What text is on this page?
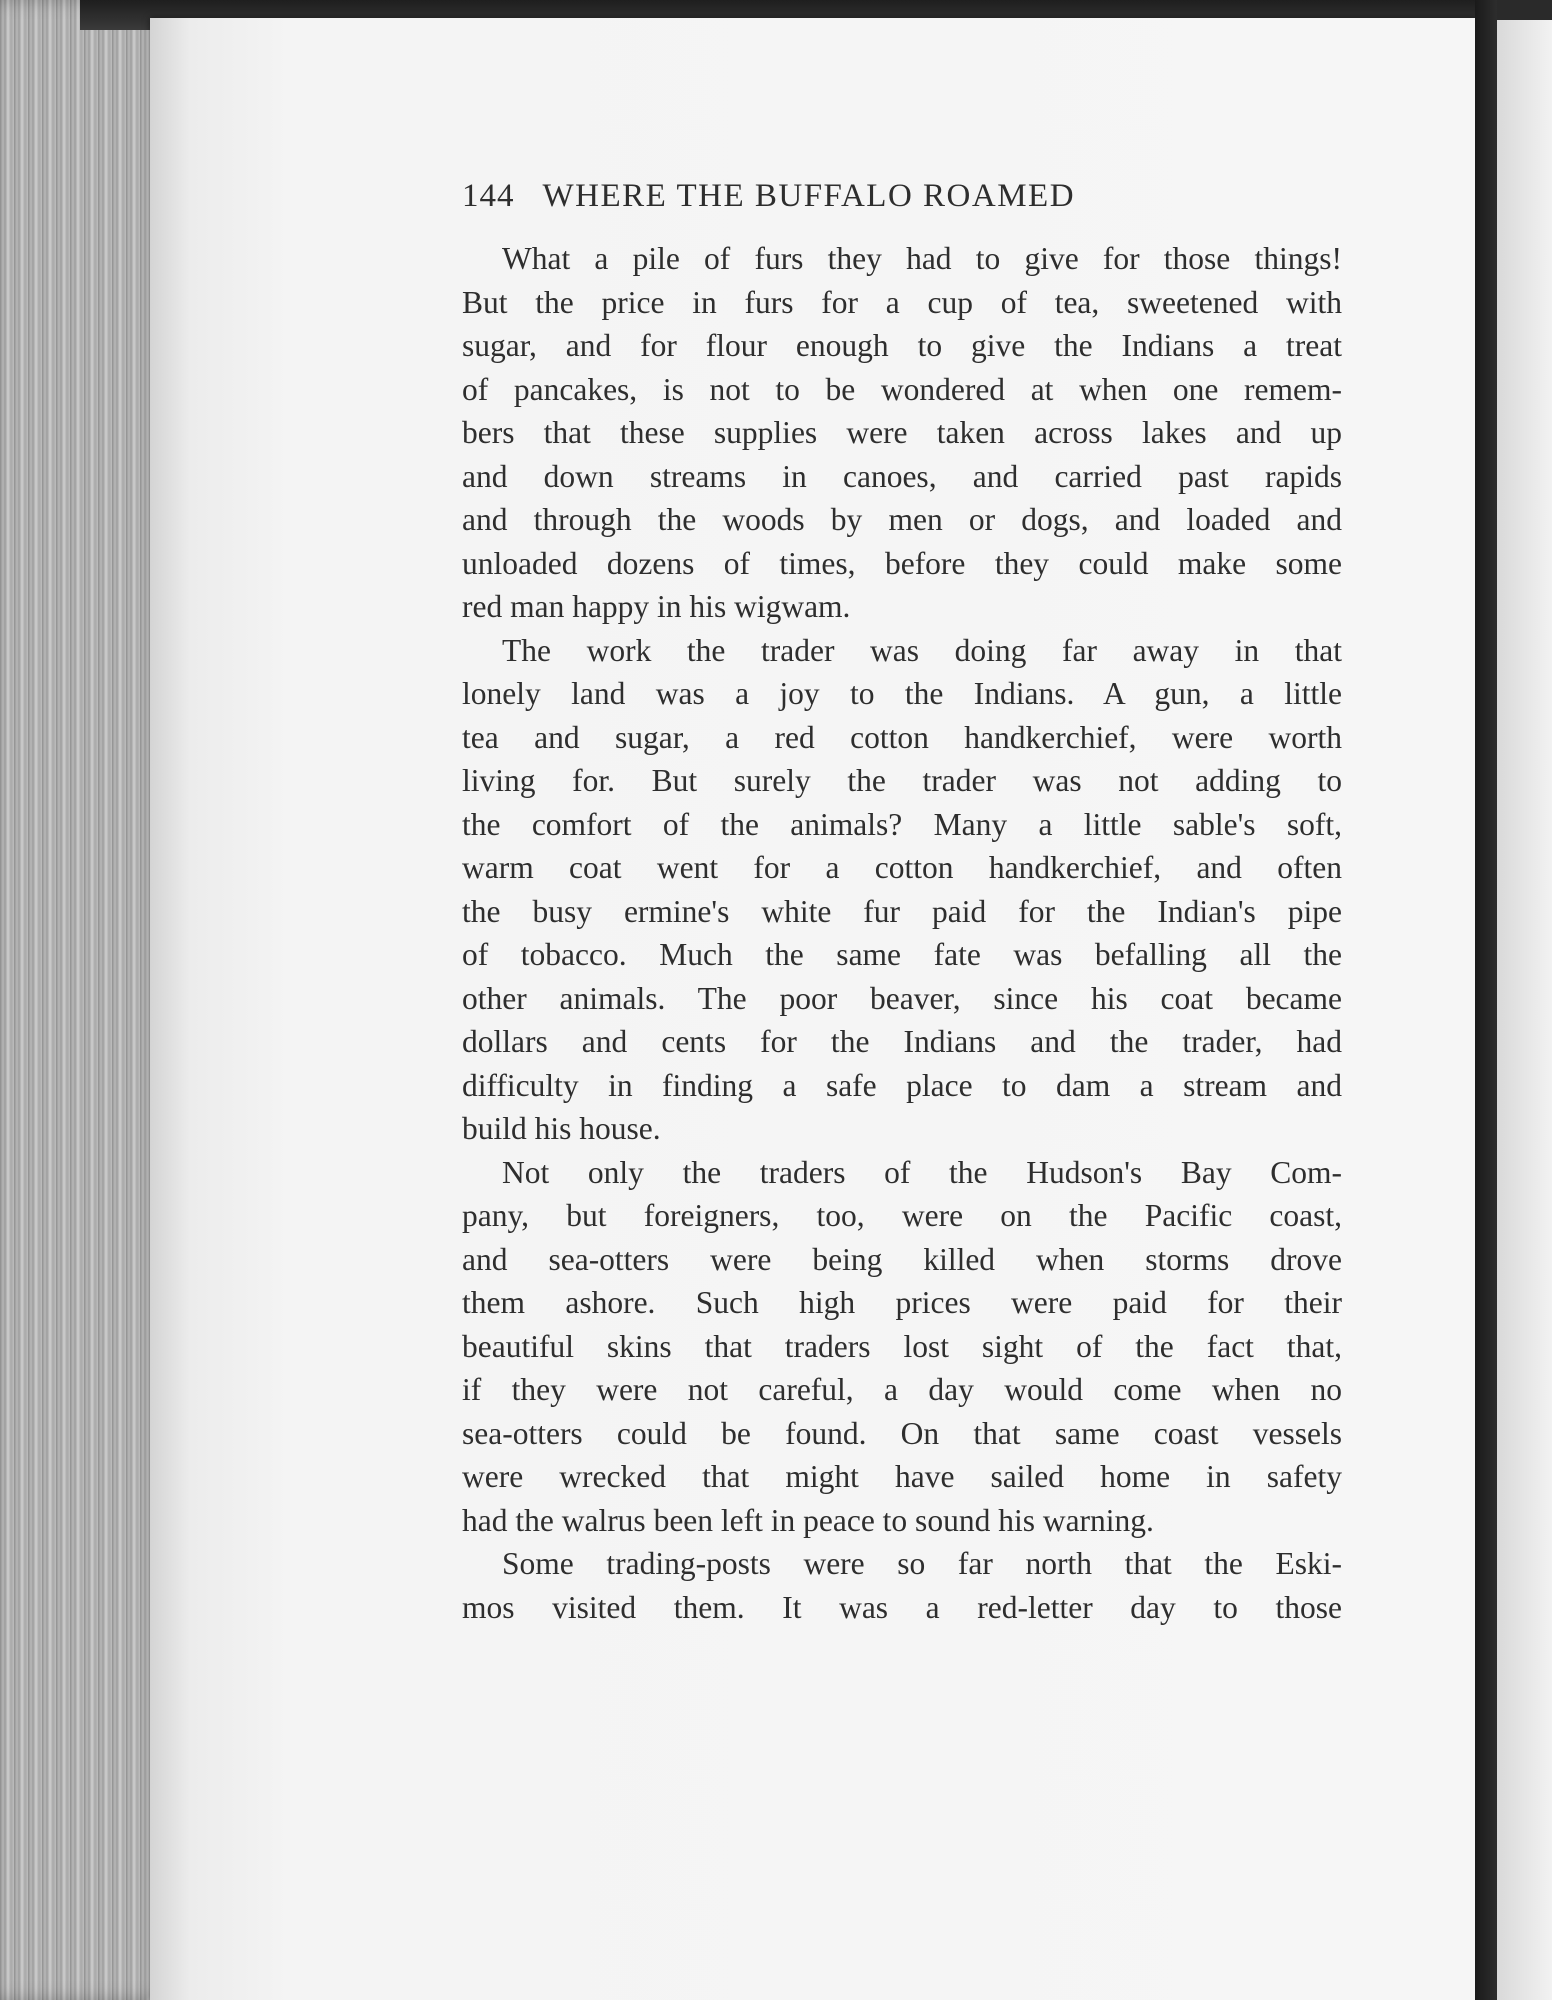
144 WHERE THE BUFFALO ROAMED

What a pile of furs they had to give for those things!
But the price in furs for a cup of tea, sweetened with
sugar, and for flour enough to give the Indians a treat
of pancakes, is not to be wondered at when one remem-
bers that these supplies were taken across lakes and up
and down streams in canoes, and carried past rapids
and through the woods by men or dogs, and loaded and
unloaded dozens of times, before they could make some
red man happy in his wigwam.

The work the trader was doing far away in that
lonely land was a joy to the Indians. A gun, a little
tea and sugar, a red cotton handkerchief, were worth
living for. But surely the trader was not adding to
the comfort of the animals? Many a little sable's soft,
warm coat went for a cotton handkerchief, and often
the busy ermine's white fur paid for the Indian's pipe
of tobacco. Much the same fate was befalling all the
other animals. The poor beaver, since his coat became
dollars and cents for the Indians and the trader, had
difficulty in finding a safe place to dam a stream and
build his house.

Not only the traders of the Hudson's Bay Com-
pany, but foreigners, too, were on the Pacific coast,
and sea-otters were being killed when storms drove
them ashore. Such high prices were paid for their
beautiful skins that traders lost sight of the fact that,
if they were not careful, a day would come when no
sea-otters could be found. On that same coast vessels
were wrecked that might have sailed home in safety
had the walrus been left in peace to sound his warning.

Some trading-posts were so far north that the Eski-
mos visited them. It was a red-letter day to those
